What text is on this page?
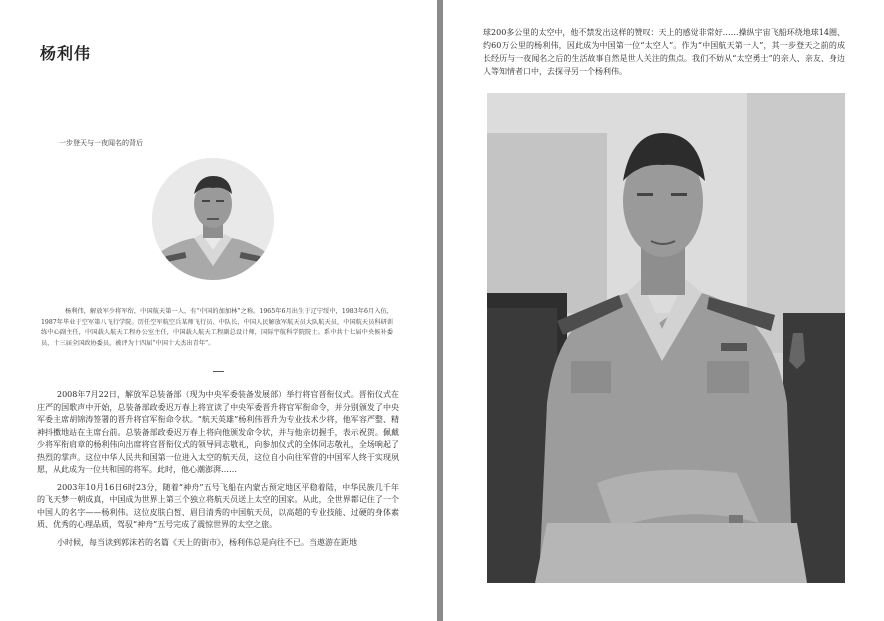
杨利伟
一步登天与一夜闻名的背后
杨利伟，解放军少将军衔，中国航天第一人，有“中国的加加林”之称。1965年6月出生于辽宁绥中，1983年6月入伍，1987年毕业于空军第八飞行学院。历任空军航空兵某师飞行员、中队长，中国人民解放军航天员大队航天员，中国航天员科研训练中心副主任，中国载人航天工程办公室主任，中国载人航天工程副总设计师，国际宇航科学院院士。系中共十七届中央候补委员，十三届全国政协委员。被评为十四届“中国十大杰出青年”。

2008年7月22日，解放军总装备部（现为中央军委装备发展部）举行将官晋衔仪式。晋衔仪式在庄严的国歌声中开始，总装备部政委迟万春上将宣读了中央军委晋升将官军衔命令，并分别颁发了中央军委主席胡锦涛签署的晋升将官军衔命令状。“航天英雄”杨利伟晋升为专业技术少将，他军容严整、精神抖擞地站在主席台前。总装备部政委迟万春上将向他颁发命令状，并与他亲切握手，表示祝贺。佩戴少将军衔肩章的杨利伟向出席将官晋衔仪式的领导同志敬礼，向参加仪式的全体同志敬礼，全场响起了热烈的掌声。这位中华人民共和国第一位进入太空的航天员，这位自小向往军营的中国军人终于实现夙愿，从此成为一位共和国的将军。此时，他心潮澎湃……

2003年10月16日6时23分，随着“神舟”五号飞船在内蒙古预定地区平稳着陆，中华民族几千年的飞天梦一朝成真，中国成为世界上第三个独立将航天员送上太空的国家。从此，全世界都记住了一个中国人的名字——杨利伟。这位皮肤白皙、眉目清秀的中国航天员，以高超的专业技能、过硬的身体素质、优秀的心理品质，驾驭“神舟”五号完成了震惊世界的太空之旅。

小时候，每当读到郭沫若的名篇《天上的街市》，杨利伟总是向往不已。当遨游在距地

球200多公里的太空中，他不禁发出这样的赞叹：天上的感觉非常好……操纵宇宙飞船环绕地球14圈、约60万公里的杨利伟，因此成为中国第一位“太空人”。作为“中国航天第一人”，其一步登天之前的成长经历与一夜闻名之后的生活故事自然是世人关注的焦点。我们不妨从“太空勇士”的亲人、亲友、身边人等知情者口中，去探寻另一个杨利伟。
